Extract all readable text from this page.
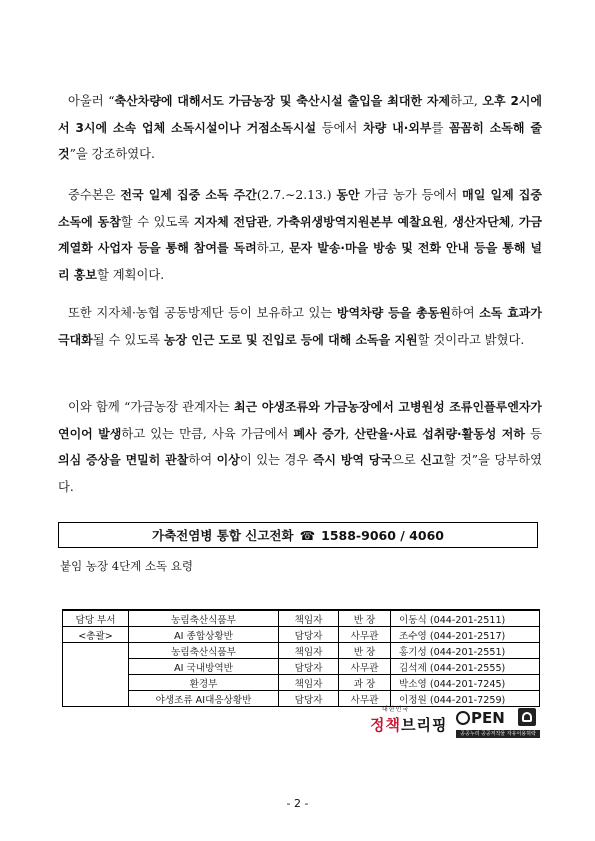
아울러 “축산차량에 대해서도 가금농장 및 축산시설 출입을 최대한 자제하고, 오후 2시에서 3시에 소속 업체 소독시설이나 거점소독시설 등에서 차량 내·외부를 꼼꼼히 소독해 줄 것”을 강조하였다.

중수본은 전국 일제 집중 소독 주간(2.7.∼2.13.) 동안 가금 농가 등에서 매일 일제 집중 소독에 동참할 수 있도록 지자체 전담관, 가축위생방역지원본부 예찰요원, 생산자단체, 가금 계열화 사업자 등을 통해 참여를 독려하고, 문자 발송·마을 방송 및 전화 안내 등을 통해 널리 홍보할 계획이다.

또한 지자체·농협 공동방제단 등이 보유하고 있는 방역차량 등을 총동원하여 소독 효과가 극대화될 수 있도록 농장 인근 도로 및 진입로 등에 대해 소독을 지원할 것이라고 밝혔다.

이와 함께 “가금농장 관계자는 최근 야생조류와 가금농장에서 고병원성 조류인플루엔자가 연이어 발생하고 있는 만큼, 사육 가금에서 폐사 증가, 산란율·사료 섭취량·활동성 저하 등 의심 증상을 면밀히 관찰하여 이상이 있는 경우 즉시 방역 당국으로 신고할 것”을 당부하였다.

가축전염병 통합 신고전화 ☎ 1588-9060 / 4060

붙임 농장 4단계 소독 요령

담당 부서	농림축산식품부	책임자	반 장	이동식 (044-201-2511)
<총괄>	AI 종합상황반	담당자	사무관	조수영 (044-201-2517)
	농림축산식품부	책임자	반 장	홍기성 (044-201-2551)
	AI 국내방역반	담당자	사무관	김석제 (044-201-2555)
	환경부	책임자	과 장	박소영 (044-201-7245)
	야생조류 AI대응상황반	담당자	사무관	이정원 (044-201-7259)
대한민국
정책브리핑	PEN
공공누리 공공저작물 자유이용허락
- 2 -
